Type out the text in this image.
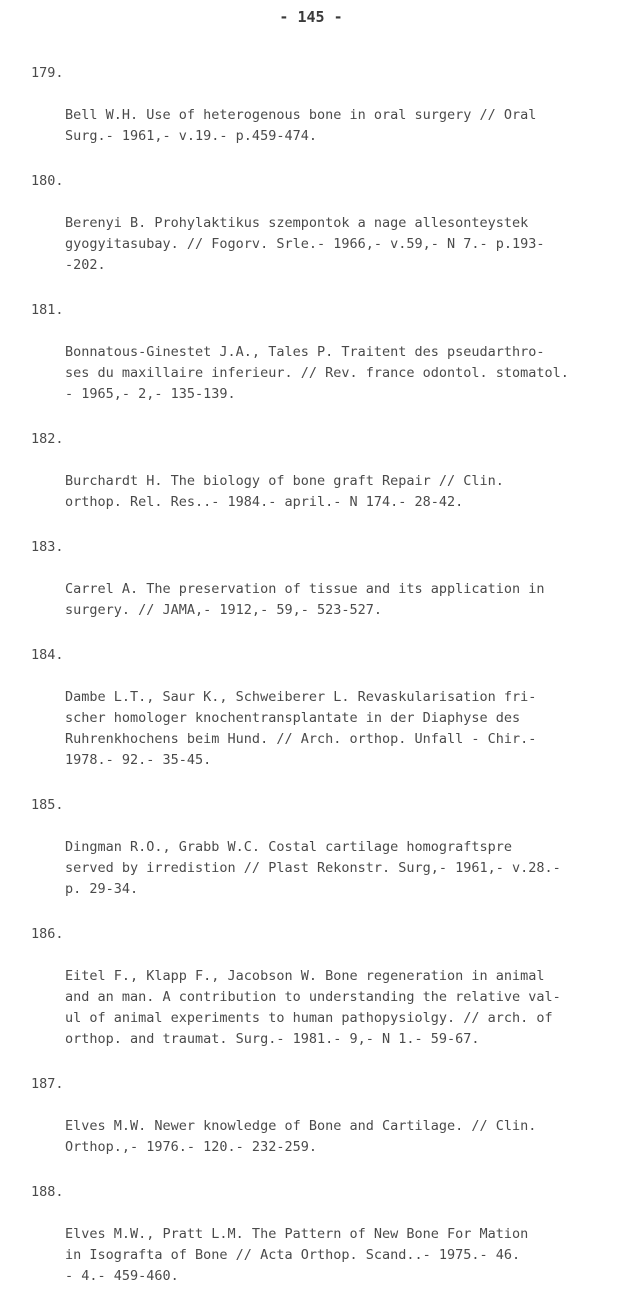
- 145 -

179.

Bell W.H. Use of heterogenous bone in oral surgery // Oral
Surg.- 1961,- v.19.- p.459-474.

180.

Berenyi B. Prohylaktikus szempontok a nage allesonteystek
gyogyitasubay. // Fogorv. Srle.- 1966,- v.59,- N 7.- p.193-
-202.

181.

Bonnatous-Ginestet J.A., Tales P. Traitent des pseudarthro-
ses du maxillaire inferieur. // Rev. france odontol. stomatol.
- 1965,- 2,- 135-139.

182.

Burchardt H. The biology of bone graft Repair // Clin.
orthop. Rel. Res..- 1984.- april.- N 174.- 28-42.

183.

Carrel A. The preservation of tissue and its application in
surgery. // JAMA,- 1912,- 59,- 523-527.

184.

Dambe L.T., Saur K., Schweiberer L. Revaskularisation fri-
scher homologer knochentransplantate in der Diaphyse des
Ruhrenkhochens beim Hund. // Arch. orthop. Unfall - Chir.-
1978.- 92.- 35-45.

185.

Dingman R.O., Grabb W.C. Costal cartilage homograftspre
served by irredistion // Plast Rekonstr. Surg,- 1961,- v.28.-
p. 29-34.

186.

Eitel F., Klapp F., Jacobson W. Bone regeneration in animal
and an man. A contribution to understanding the relative val-
ul of animal experiments to human pathopysiolgy. // arch. of
orthop. and traumat. Surg.- 1981.- 9,- N 1.- 59-67.

187.

Elves M.W. Newer knowledge of Bone and Cartilage. // Clin.
Orthop.,- 1976.- 120.- 232-259.

188.

Elves M.W., Pratt L.M. The Pattern of New Bone For Mation
in Isografta of Bone // Acta Orthop. Scand..- 1975.- 46.
- 4.- 459-460.
